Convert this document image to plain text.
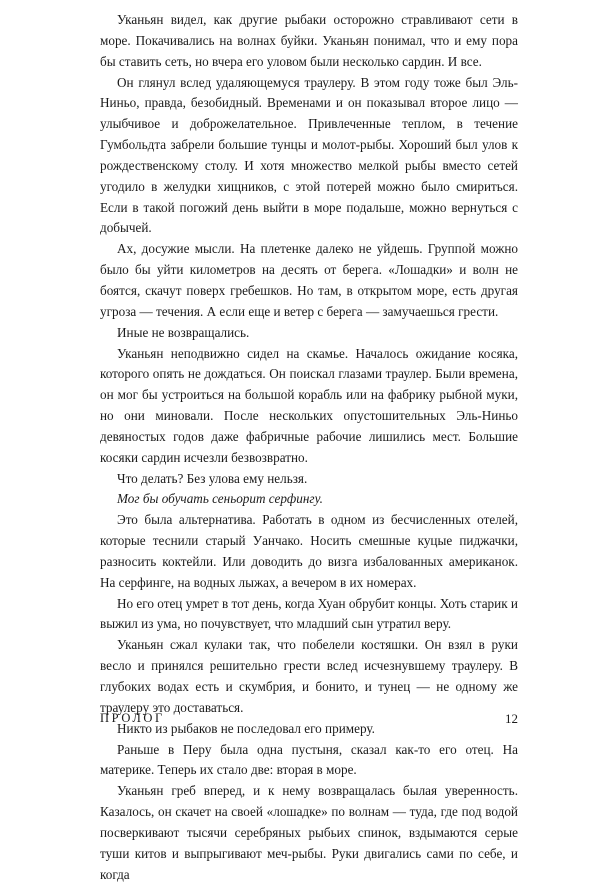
Уканьян видел, как другие рыбаки осторожно стравливают сети в море. Покачивались на волнах буйки. Уканьян понимал, что и ему пора бы ставить сеть, но вчера его уловом были несколько сардин. И все.

Он глянул вслед удаляющемуся траулеру. В этом году тоже был Эль-Ниньо, правда, безобидный. Временами и он показывал второе лицо — улыбчивое и доброжелательное. Привлеченные теплом, в течение Гумбольдта забрели большие тунцы и молот-рыбы. Хороший был улов к рождественскому столу. И хотя множество мелкой рыбы вместо сетей угодило в желудки хищников, с этой потерей можно было смириться. Если в такой погожий день выйти в море подальше, можно вернуться с добычей.

Ах, досужие мысли. На плетенке далеко не уйдешь. Группой можно было бы уйти километров на десять от берега. «Лошадки» и волн не боятся, скачут поверх гребешков. Но там, в открытом море, есть другая угроза — течения. А если еще и ветер с берега — замучаешься грести.

Иные не возвращались.

Уканьян неподвижно сидел на скамье. Началось ожидание косяка, которого опять не дождаться. Он поискал глазами траулер. Были времена, он мог бы устроиться на большой корабль или на фабрику рыбной муки, но они миновали. После нескольких опустошительных Эль-Ниньо девяностых годов даже фабричные рабочие лишились мест. Большие косяки сардин исчезли безвозвратно.

Что делать? Без улова ему нельзя.

Мог бы обучать сеньорит серфингу.

Это была альтернатива. Работать в одном из бесчисленных отелей, которые теснили старый Уанчако. Носить смешные куцые пиджачки, разносить коктейли. Или доводить до визга избалованных американок. На серфинге, на водных лыжах, а вечером в их номерах.

Но его отец умрет в тот день, когда Хуан обрубит концы. Хоть старик и выжил из ума, но почувствует, что младший сын утратил веру.

Уканьян сжал кулаки так, что побелели костяшки. Он взял в руки весло и принялся решительно грести вслед исчезнувшему траулеру. В глубоких водах есть и скумбрия, и бонито, и тунец — не одному же траулеру это доставаться.

Никто из рыбаков не последовал его примеру.

Раньше в Перу была одна пустыня, сказал как-то его отец. На материке. Теперь их стало две: вторая в море.

Уканьян греб вперед, и к нему возвращалась былая уверенность. Казалось, он скачет на своей «лошадке» по волнам — туда, где под водой посверкивают тысячи серебряных рыбьих спинок, вздымаются серые туши китов и выпрыгивают меч-рыбы. Руки двигались сами по себе, и когда

ПРОЛОГ	12
